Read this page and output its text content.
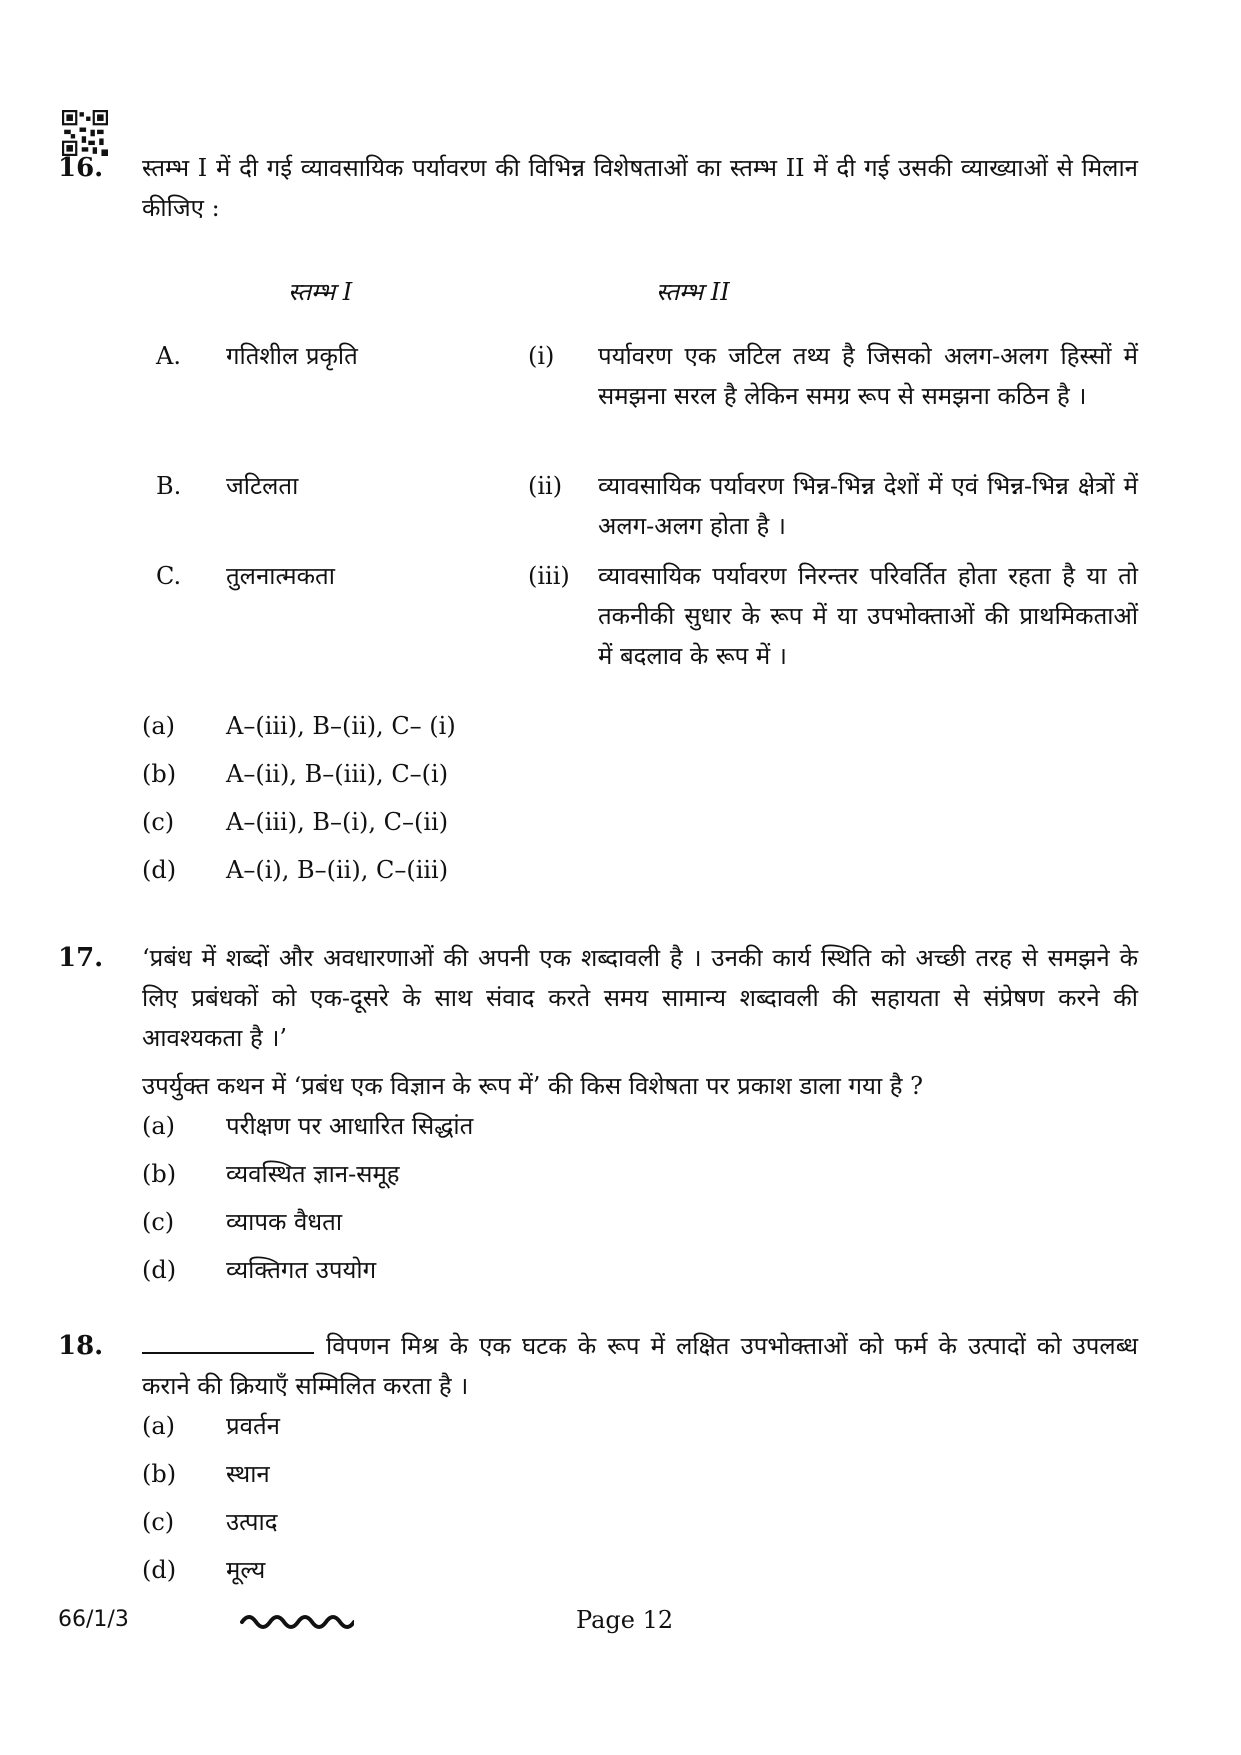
16.	स्तम्भ I में दी गई व्यावसायिक पर्यावरण की विभिन्न विशेषताओं का स्तम्भ II में दी गई उसकी व्याख्याओं से मिलान कीजिए :
स्तम्भ I	स्तम्भ II
A. गतिशील प्रकृति	(i) पर्यावरण एक जटिल तथ्य है जिसको अलग-अलग हिस्सों में समझना सरल है लेकिन समग्र रूप से समझना कठिन है ।
B. जटिलता	(ii) व्यावसायिक पर्यावरण भिन्न-भिन्न देशों में एवं भिन्न-भिन्न क्षेत्रों में अलग-अलग होता है ।
C. तुलनात्मकता	(iii) व्यावसायिक पर्यावरण निरन्तर परिवर्तित होता रहता है या तो तकनीकी सुधार के रूप में या उपभोक्ताओं की प्राथमिकताओं में बदलाव के रूप में ।
(a)	A–(iii), B–(ii), C– (i)
(b)	A–(ii), B–(iii), C–(i)
(c)	A–(iii), B–(i), C–(ii)
(d)	A–(i), B–(ii), C–(iii)
17.	‘प्रबंध में शब्दों और अवधारणाओं की अपनी एक शब्दावली है । उनकी कार्य स्थिति को अच्छी तरह से समझने के लिए प्रबंधकों को एक-दूसरे के साथ संवाद करते समय सामान्य शब्दावली की सहायता से संप्रेषण करने की आवश्यकता है ।’
उपर्युक्त कथन में ‘प्रबंध एक विज्ञान के रूप में’ की किस विशेषता पर प्रकाश डाला गया है ?
(a)	परीक्षण पर आधारित सिद्धांत
(b)	व्यवस्थित ज्ञान-समूह
(c)	व्यापक वैधता
(d)	व्यक्तिगत उपयोग
18.	विपणन मिश्र के एक घटक के रूप में लक्षित उपभोक्ताओं को फर्म के उत्पादों को उपलब्ध कराने की क्रियाएँ सम्मिलित करता है ।
(a)	प्रवर्तन
(b)	स्थान
(c)	उत्पाद
(d)	मूल्य
66/1/3	Page 12
